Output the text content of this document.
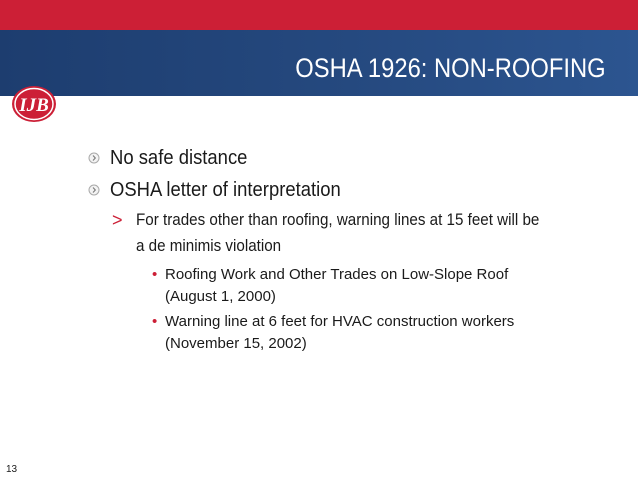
OSHA 1926: NON-ROOFING
IJB
No safe distance
OSHA letter of interpretation
> For trades other than roofing, warning lines at 15 feet will be
a de minimis violation
• Roofing Work and Other Trades on Low-Slope Roof
(August 1, 2000)
• Warning line at 6 feet for HVAC construction workers
(November 15, 2002)
13
